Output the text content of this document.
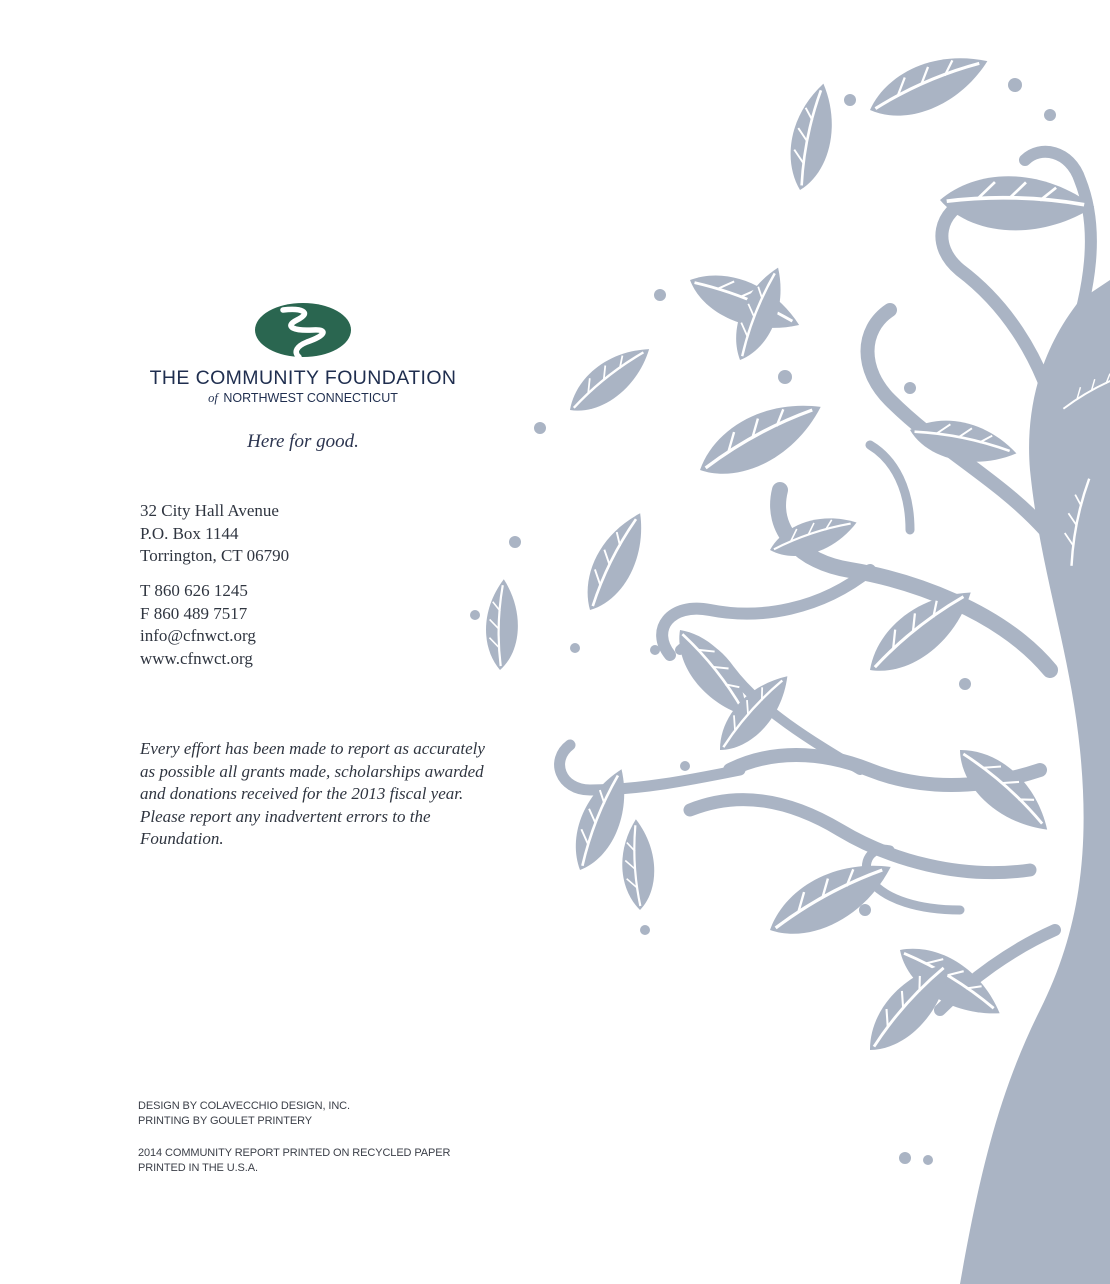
THE COMMUNITY FOUNDATION
of NORTHWEST CONNECTICUT
Here for good.
32 City Hall Avenue
P.O. Box 1144
Torrington, CT 06790
T 860 626 1245
F 860 489 7517
info@cfnwct.org
www.cfnwct.org
Every effort has been made to report as accurately as possible all grants made, scholarships awarded and donations received for the 2013 fiscal year. Please report any inadvertent errors to the Foundation.
DESIGN BY COLAVECCHIO DESIGN, INC.
PRINTING BY GOULET PRINTERY
2014 COMMUNITY REPORT PRINTED ON RECYCLED PAPER
PRINTED IN THE U.S.A.
